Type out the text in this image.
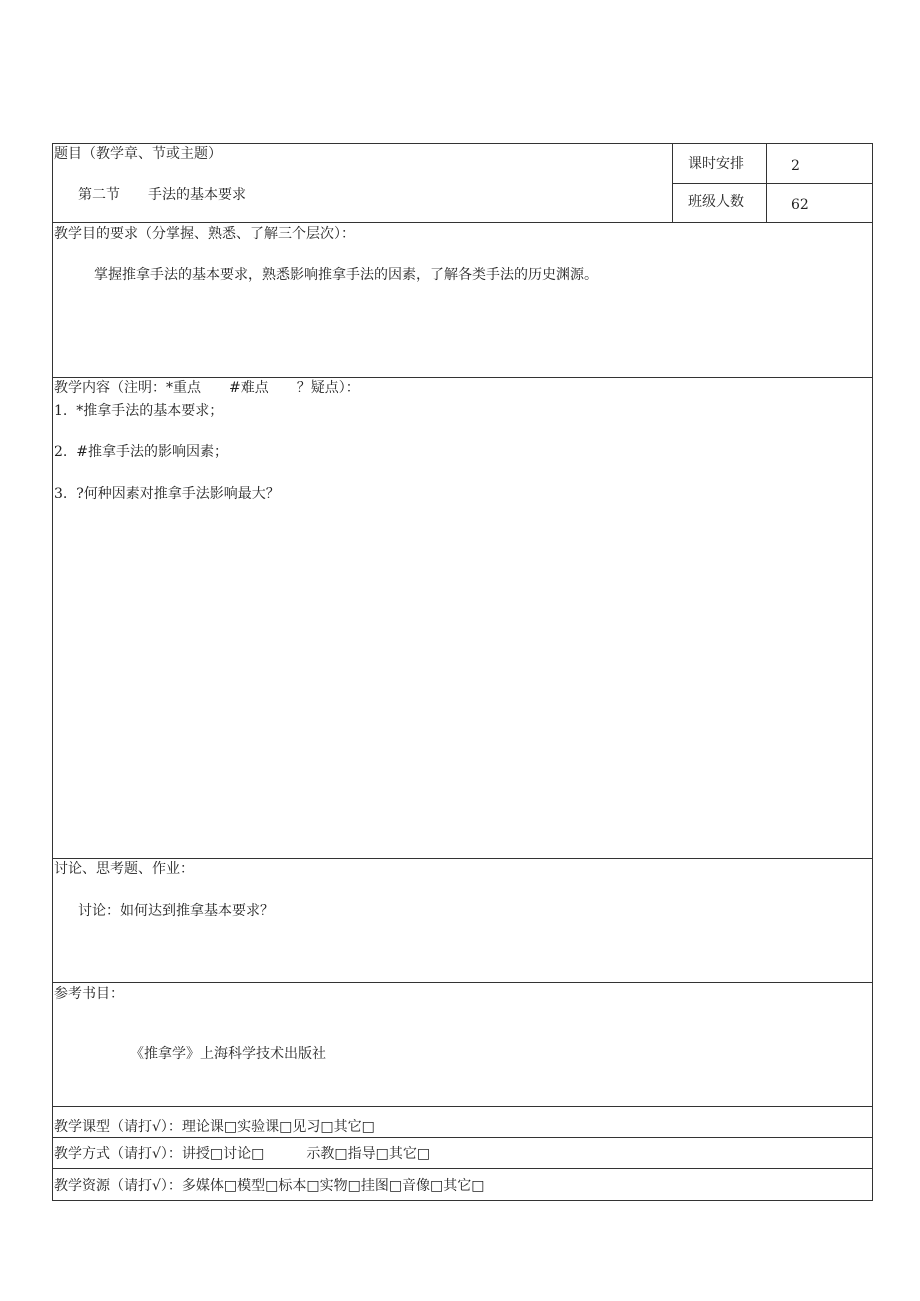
题目（教学章、节或主题）
第二节　　手法的基本要求
课时安排	2
班级人数	62
教学目的要求（分掌握、熟悉、了解三个层次）：
掌握推拿手法的基本要求，熟悉影响推拿手法的因素，了解各类手法的历史渊源。
教学内容（注明：*重点　　#难点　　？疑点）：
1.  *推拿手法的基本要求；
2.  #推拿手法的影响因素；
3.  ?何种因素对推拿手法影响最大？
讨论、思考题、作业：
讨论：如何达到推拿基本要求？
参考书目：
《推拿学》上海科学技术出版社
教学课型（请打√）：理论课□实验课□见习□其它□
教学方式（请打√）：讲授□讨论□　　　示教□指导□其它□
教学资源（请打√）：多媒体□模型□标本□实物□挂图□音像□其它□
